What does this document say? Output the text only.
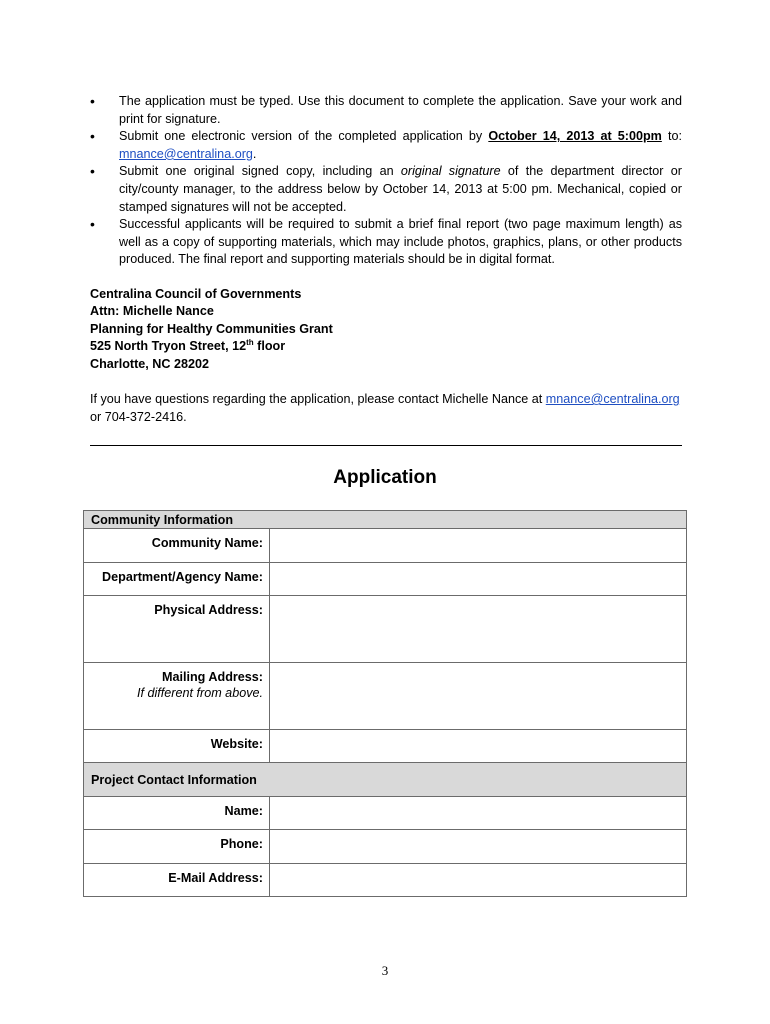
• The application must be typed. Use this document to complete the application. Save your work and print for signature.
• Submit one electronic version of the completed application by October 14, 2013 at 5:00pm to: mnance@centralina.org.
• Submit one original signed copy, including an original signature of the department director or city/county manager, to the address below by October 14, 2013 at 5:00 pm. Mechanical, copied or stamped signatures will not be accepted.
• Successful applicants will be required to submit a brief final report (two page maximum length) as well as a copy of supporting materials, which may include photos, graphics, plans, or other products produced. The final report and supporting materials should be in digital format.
Centralina Council of Governments
Attn: Michelle Nance
Planning for Healthy Communities Grant
525 North Tryon Street, 12th floor
Charlotte, NC 28202
If you have questions regarding the application, please contact Michelle Nance at mnance@centralina.org or 704-372-2416.
Application
Community Information	
Community Name:	
Department/Agency Name:	
Physical Address:	
Mailing Address:
If different from above.	

Website:	
Project Contact Information	
Name:	
Phone:	
E-Mail Address:	
3
